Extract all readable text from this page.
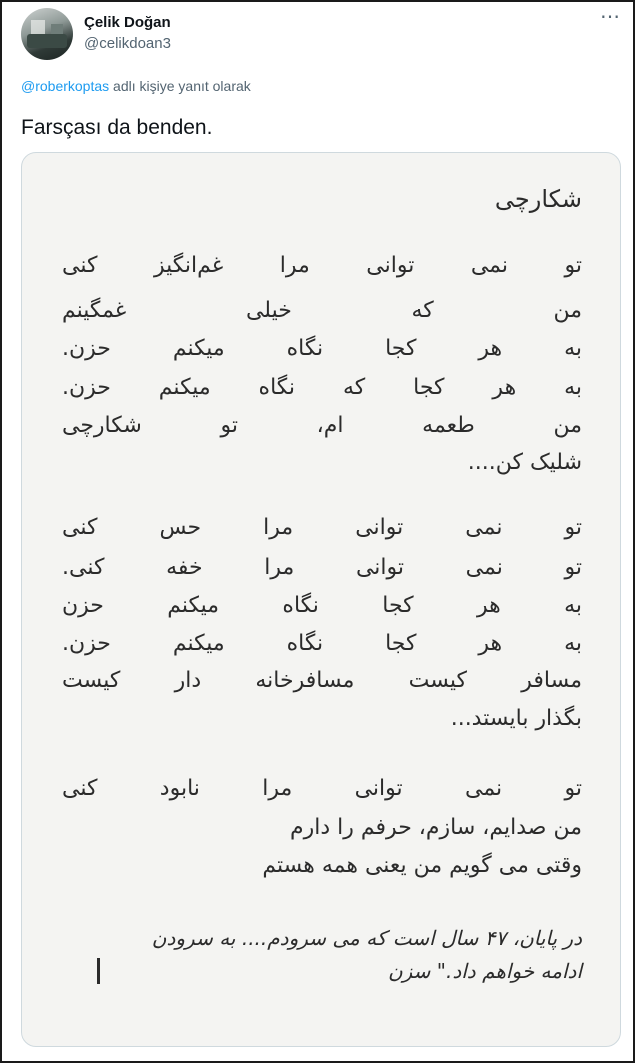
Çelik Doğan
@celikdoan3
⋯
@roberkoptas adlı kişiye yanıt olarak
Farsçası da benden.
شکارچی
تو نمی توانی مرا غم‌انگیز کنی
من که خیلی غمگینم
به هر کجا نگاه میکنم حزن.
به هر کجا که نگاه میکنم حزن.
من طعمه ام، تو شکارچی
شلیک کن....
تو نمی توانی مرا حس کنی
تو نمی توانی مرا خفه کنی.
به هر کجا نگاه میکنم حزن
به هر کجا نگاه میکنم حزن.
مسافر کیست مسافرخانه دار کیست
بگذار بایستد...
تو نمی توانی مرا نابود کنی
من صدایم، سازم، حرفم را دارم
وقتی می گویم من یعنی همه هستم
در پایان، ۴۷ سال است که می سرودم.... به سرودن
ادامه خواهم داد." سزن
